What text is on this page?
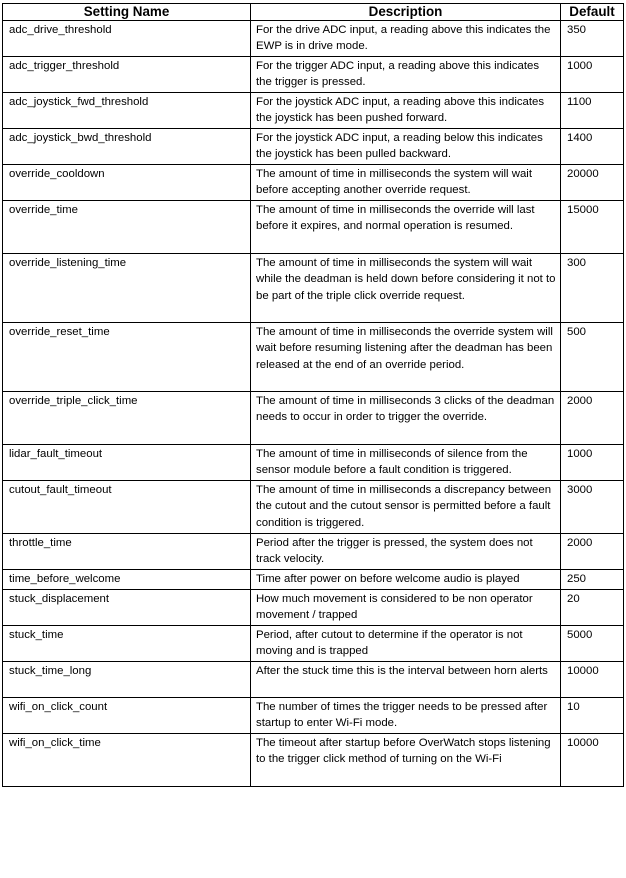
Setting Name	Description	Default
adc_drive_threshold	For the drive ADC input, a reading above this indicates the EWP is in drive mode.	350
adc_trigger_threshold	For the trigger ADC input, a reading above this indicates the trigger is pressed.	1000
adc_joystick_fwd_threshold	For the joystick ADC input, a reading above this indicates the joystick has been pushed forward.	1100
adc_joystick_bwd_threshold	For the joystick ADC input, a reading below this indicates the joystick has been pulled backward.	1400
override_cooldown	The amount of time in milliseconds the system will wait before accepting another override request.	20000
override_time	The amount of time in milliseconds the override will last before it expires, and normal operation is resumed.	15000
override_listening_time	The amount of time in milliseconds the system will wait while the deadman is held down before considering it not to be part of the triple click override request.	300
override_reset_time	The amount of time in milliseconds the override system will wait before resuming listening after the deadman has been released at the end of an override period.	500
override_triple_click_time	The amount of time in milliseconds 3 clicks of the deadman needs to occur in order to trigger the override.	2000
lidar_fault_timeout	The amount of time in milliseconds of silence from the sensor module before a fault condition is triggered.	1000
cutout_fault_timeout	The amount of time in milliseconds a discrepancy between the cutout and the cutout sensor is permitted before a fault condition is triggered.	3000
throttle_time	Period after the trigger is pressed, the system does not track velocity.	2000
time_before_welcome	Time after power on before welcome audio is played	250
stuck_displacement	How much movement is considered to be non operator movement / trapped	20
stuck_time	Period, after cutout to determine if the operator is not moving and is trapped	5000
stuck_time_long	After the stuck time this is the interval between horn alerts	10000
wifi_on_click_count	The number of times the trigger needs to be pressed after startup to enter Wi-Fi mode.	10
wifi_on_click_time	The timeout after startup before OverWatch stops listening to the trigger click method of turning on the Wi-Fi	10000
